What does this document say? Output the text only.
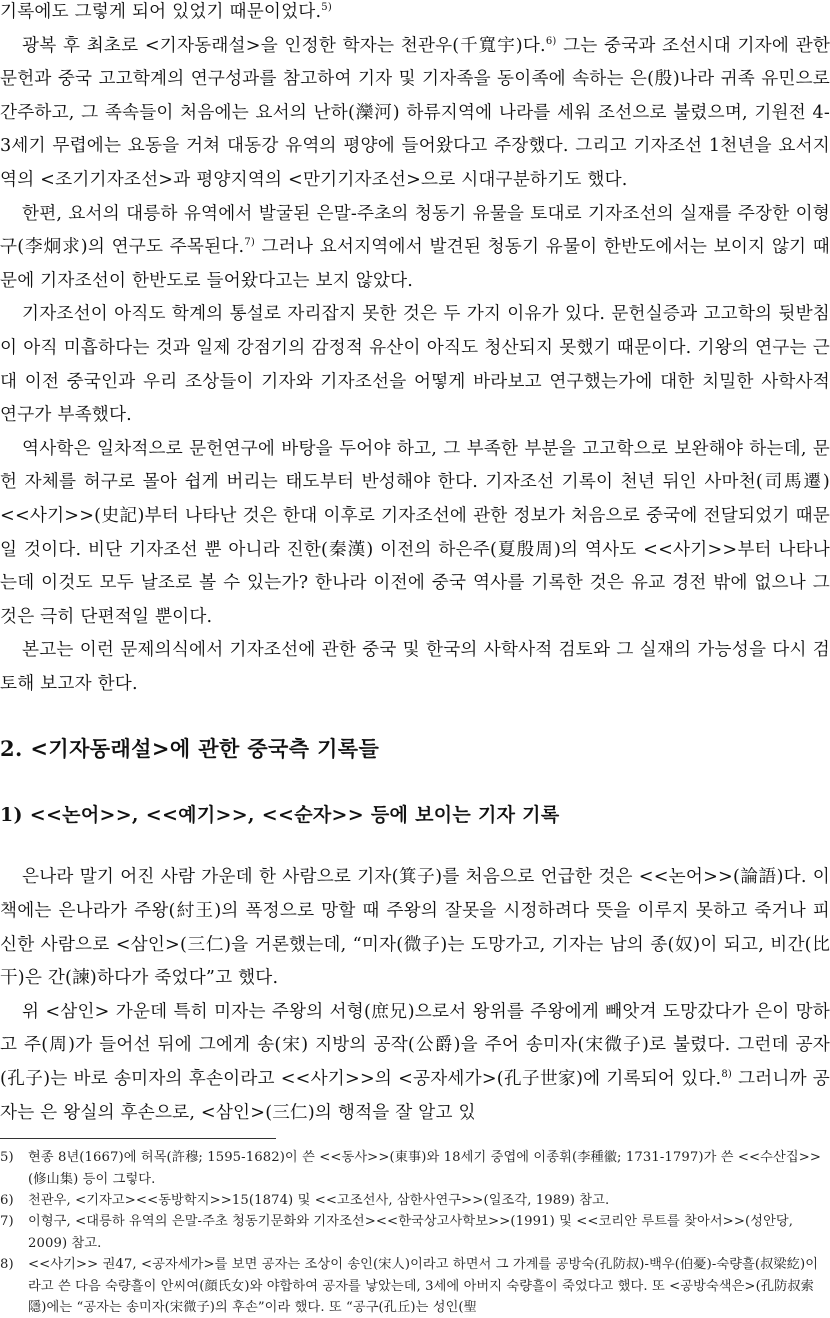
기록에도 그렇게 되어 있었기 때문이었다.$^{5)}$

광복 후 최초로 <기자동래설>을 인정한 학자는 천관우(千寬宇)다.$^{6)}$ 그는 중국과 조선시대 기자에 관한 문헌과 중국 고고학계의 연구성과를 참고하여 기자 및 기자족을 동이족에 속하는 은(殷)나라 귀족 유민으로 간주하고, 그 족속들이 처음에는 요서의 난하(灤河) 하류지역에 나라를 세워 조선으로 불렸으며, 기원전 4-3세기 무렵에는 요동을 거쳐 대동강 유역의 평양에 들어왔다고 주장했다. 그리고 기자조선 1천년을 요서지역의 <조기기자조선>과 평양지역의 <만기기자조선>으로 시대구분하기도 했다.

한편, 요서의 대릉하 유역에서 발굴된 은말-주초의 청동기 유물을 토대로 기자조선의 실재를 주장한 이형구(李炯求)의 연구도 주목된다.$^{7)}$ 그러나 요서지역에서 발견된 청동기 유물이 한반도에서는 보이지 않기 때문에 기자조선이 한반도로 들어왔다고는 보지 않았다.

기자조선이 아직도 학계의 통설로 자리잡지 못한 것은 두 가지 이유가 있다. 문헌실증과 고고학의 뒷받침이 아직 미흡하다는 것과 일제 강점기의 감정적 유산이 아직도 청산되지 못했기 때문이다. 기왕의 연구는 근대 이전 중국인과 우리 조상들이 기자와 기자조선을 어떻게 바라보고 연구했는가에 대한 치밀한 사학사적 연구가 부족했다.

역사학은 일차적으로 문헌연구에 바탕을 두어야 하고, 그 부족한 부분을 고고학으로 보완해야 하는데, 문헌 자체를 허구로 몰아 쉽게 버리는 태도부터 반성해야 한다. 기자조선 기록이 천년 뒤인 사마천(司馬遷) <<사기>>(史記)부터 나타난 것은 한대 이후로 기자조선에 관한 정보가 처음으로 중국에 전달되었기 때문일 것이다. 비단 기자조선 뿐 아니라 진한(秦漢) 이전의 하은주(夏殷周)의 역사도 <<사기>>부터 나타나는데 이것도 모두 날조로 볼 수 있는가? 한나라 이전에 중국 역사를 기록한 것은 유교 경전 밖에 없으나 그것은 극히 단편적일 뿐이다.

본고는 이런 문제의식에서 기자조선에 관한 중국 및 한국의 사학사적 검토와 그 실재의 가능성을 다시 검토해 보고자 한다.

2. <기자동래설>에 관한 중국측 기록들
1) <<논어>>, <<예기>>, <<순자>> 등에 보이는 기자 기록

은나라 말기 어진 사람 가운데 한 사람으로 기자(箕子)를 처음으로 언급한 것은 <<논어>>(論語)다. 이 책에는 은나라가 주왕(紂王)의 폭정으로 망할 때 주왕의 잘못을 시정하려다 뜻을 이루지 못하고 죽거나 피신한 사람으로 <삼인>(三仁)을 거론했는데, “미자(微子)는 도망가고, 기자는 남의 종(奴)이 되고, 비간(比干)은 간(諫)하다가 죽었다”고 했다.

위 <삼인> 가운데 특히 미자는 주왕의 서형(庶兄)으로서 왕위를 주왕에게 빼앗겨 도망갔다가 은이 망하고 주(周)가 들어선 뒤에 그에게 송(宋) 지방의 공작(公爵)을 주어 송미자(宋微子)로 불렸다. 그런데 공자(孔子)는 바로 송미자의 후손이라고 <<사기>>의 <공자세가>(孔子世家)에 기록되어 있다.$^{8)}$ 그러니까 공자는 은 왕실의 후손으로, <삼인>(三仁)의 행적을 잘 알고 있

5) 현종 8년(1667)에 허목(許穆; 1595-1682)이 쓴 <<동사>>(東事)와 18세기 중엽에 이종휘(李種徽; 1731-1797)가 쓴 <<수산집>>(修山集) 등이 그렇다.

6) 천관우, <기자고><<동방학지>>15(1874) 및 <<고조선사, 삼한사연구>>(일조각, 1989) 참고.

7) 이형구, <대릉하 유역의 은말-주초 청동기문화와 기자조선><<한국상고사학보>>(1991) 및 <<코리안 루트를 찾아서>>(성안당, 2009) 참고.

8) <<사기>> 권47, <공자세가>를 보면 공자는 조상이 송인(宋人)이라고 하면서 그 가계를 공방숙(孔防叔)-백우(伯憂)-숙량흘(叔梁紇)이라고 쓴 다음 숙량흘이 안씨여(顔氏女)와 야합하여 공자를 낳았는데, 3세에 아버지 숙량흘이 죽었다고 했다. 또 <공방숙색은>(孔防叔索隱)에는 “공자는 송미자(宋微子)의 후손”이라 했다. 또 “공구(孔丘)는 성인(聖
